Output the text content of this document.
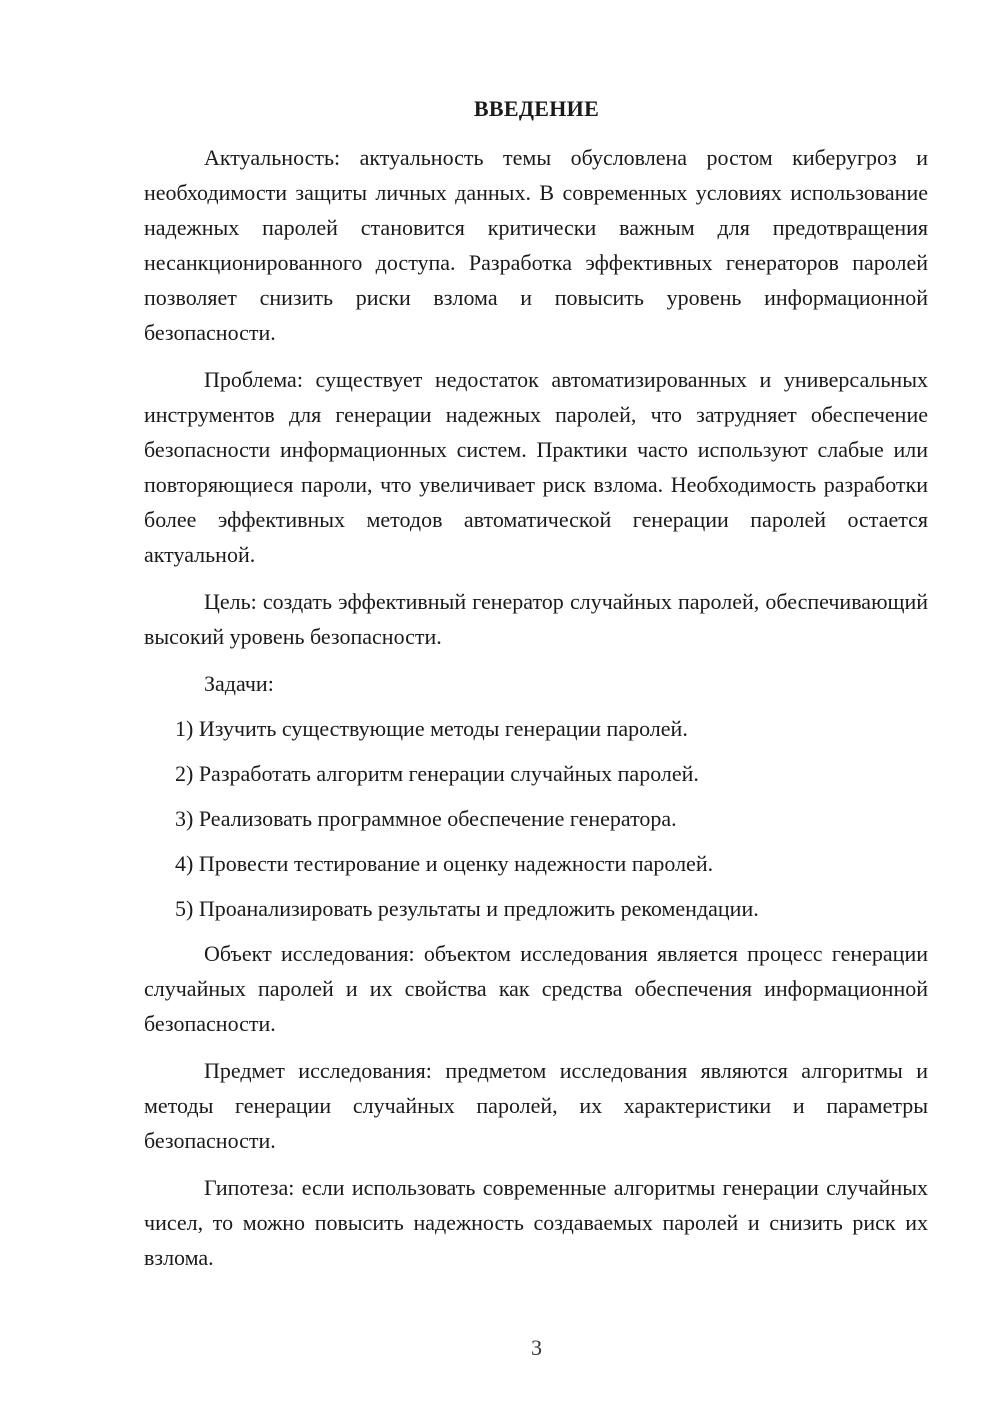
ВВЕДЕНИЕ

Актуальность: актуальность темы обусловлена ростом киберугроз и необходимости защиты личных данных. В современных условиях использование надежных паролей становится критически важным для предотвращения несанкционированного доступа. Разработка эффективных генераторов паролей позволяет снизить риски взлома и повысить уровень информационной безопасности.

Проблема: существует недостаток автоматизированных и универсальных инструментов для генерации надежных паролей, что затрудняет обеспечение безопасности информационных систем. Практики часто используют слабые или повторяющиеся пароли, что увеличивает риск взлома. Необходимость разработки более эффективных методов автоматической генерации паролей остается актуальной.

Цель: создать эффективный генератор случайных паролей, обеспечивающий высокий уровень безопасности.

Задачи:

1) Изучить существующие методы генерации паролей.

2) Разработать алгоритм генерации случайных паролей.

3) Реализовать программное обеспечение генератора.

4) Провести тестирование и оценку надежности паролей.

5) Проанализировать результаты и предложить рекомендации.

Объект исследования: объектом исследования является процесс генерации случайных паролей и их свойства как средства обеспечения информационной безопасности.

Предмет исследования: предметом исследования являются алгоритмы и методы генерации случайных паролей, их характеристики и параметры безопасности.

Гипотеза: если использовать современные алгоритмы генерации случайных чисел, то можно повысить надежность создаваемых паролей и снизить риск их взлома.

3
